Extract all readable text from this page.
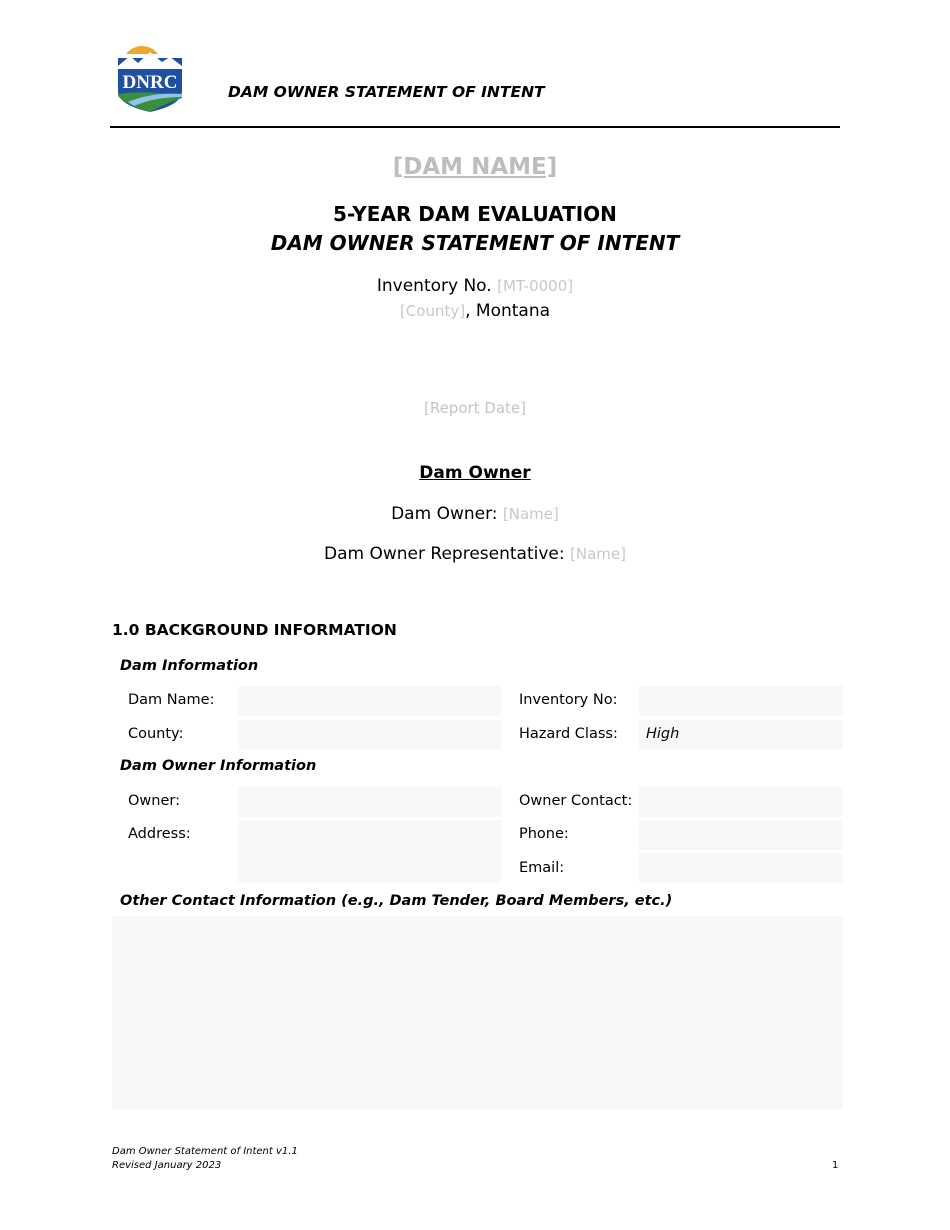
MONTANA
DNRC	DAM OWNER STATEMENT OF INTENT
[DAM NAME]
5-YEAR DAM EVALUATION
DAM OWNER STATEMENT OF INTENT
Inventory No. [MT-0000]
[County], Montana
[Report Date]
Dam Owner
Dam Owner: [Name]
Dam Owner Representative: [Name]
1.0 BACKGROUND INFORMATION
Dam Information
Dam Name:	Inventory No:
County:	Hazard Class: High
Dam Owner Information
Owner:	Owner Contact:
Address:	Phone:
Email:
Other Contact Information (e.g., Dam Tender, Board Members, etc.)
Dam Owner Statement of Intent v1.1
Revised January 2023	1
